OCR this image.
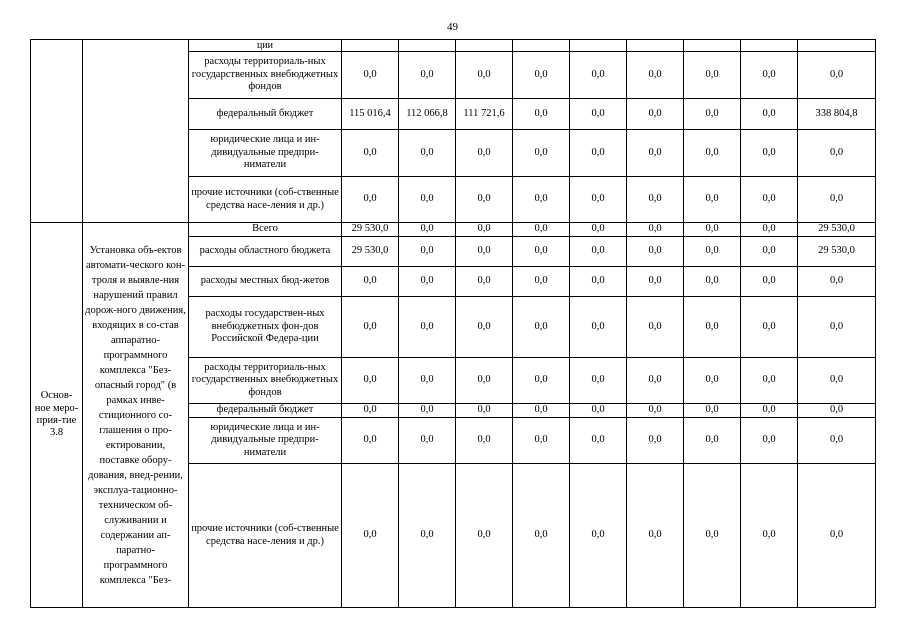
49
		ции									
		расходы территориаль-ных государственных внебюджетных фондов	0,0	0,0	0,0	0,0	0,0	0,0	0,0	0,0	0,0
		федеральный бюджет	115 016,4	112 066,8	111 721,6	0,0	0,0	0,0	0,0	0,0	338 804,8
		юридические лица и ин-дивидуальные предпри-ниматели	0,0	0,0	0,0	0,0	0,0	0,0	0,0	0,0	0,0
		прочие источники (соб-ственные средства насе-ления и др.)	0,0	0,0	0,0	0,0	0,0	0,0	0,0	0,0	0,0
Основ-ное меро-прия-тие 3.8	Установка объ-ектов автомати-ческого кон-троля и выявле-ния нарушений правил дорож-ного движения, входящих в со-став аппаратно-программного комплекса "Без-опасный город" (в рамках инве-стиционного со-глашения о про-ектировании, поставке обору-дования, внед-рении, эксплуа-тационно-техническом об-служивании и содержании ап-паратно-программного комплекса "Без-	Всего	29 530,0	0,0	0,0	0,0	0,0	0,0	0,0	0,0	29 530,0
		расходы областного бюджета	29 530,0	0,0	0,0	0,0	0,0	0,0	0,0	0,0	29 530,0
		расходы местных бюд-жетов	0,0	0,0	0,0	0,0	0,0	0,0	0,0	0,0	0,0
		расходы государствен-ных внебюджетных фон-дов Российской Федера-ции	0,0	0,0	0,0	0,0	0,0	0,0	0,0	0,0	0,0
		расходы территориаль-ных государственных внебюджетных фондов	0,0	0,0	0,0	0,0	0,0	0,0	0,0	0,0	0,0
		федеральный бюджет	0,0	0,0	0,0	0,0	0,0	0,0	0,0	0,0	0,0
		юридические лица и ин-дивидуальные предпри-ниматели	0,0	0,0	0,0	0,0	0,0	0,0	0,0	0,0	0,0
		прочие источники (соб-ственные средства насе-ления и др.)	0,0	0,0	0,0	0,0	0,0	0,0	0,0	0,0	0,0
